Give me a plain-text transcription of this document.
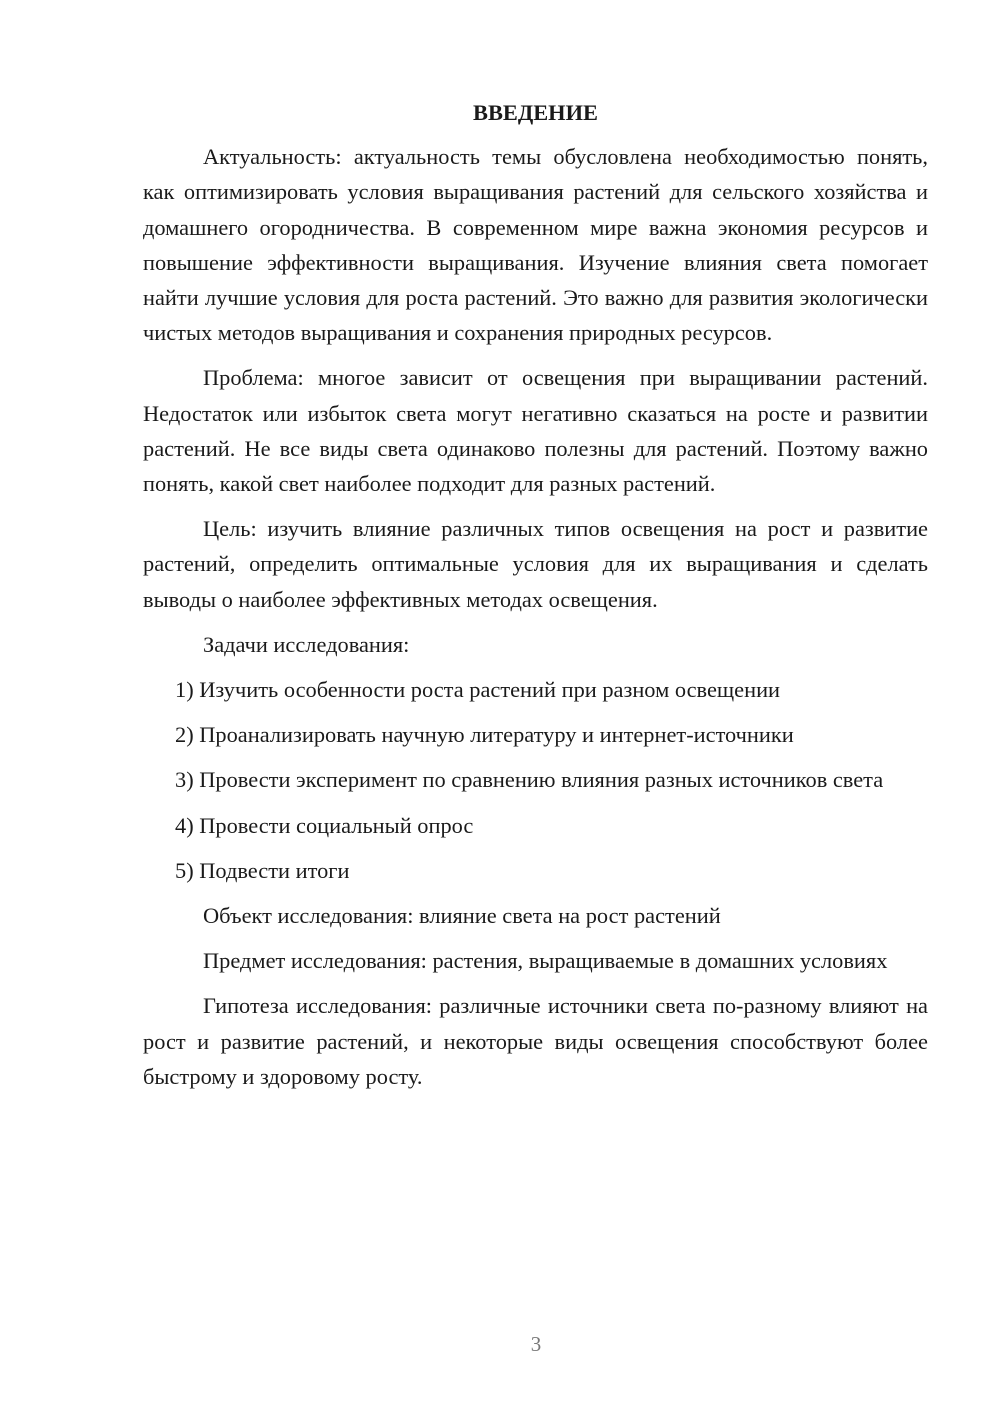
ВВЕДЕНИЕ

Актуальность: актуальность темы обусловлена необходимостью понять, как оптимизировать условия выращивания растений для сельского хозяйства и домашнего огородничества. В современном мире важна экономия ресурсов и повышение эффективности выращивания. Изучение влияния света помогает найти лучшие условия для роста растений. Это важно для развития экологически чистых методов выращивания и сохранения природных ресурсов.

Проблема: многое зависит от освещения при выращивании растений. Недостаток или избыток света могут негативно сказаться на росте и развитии растений. Не все виды света одинаково полезны для растений. Поэтому важно понять, какой свет наиболее подходит для разных растений.

Цель: изучить влияние различных типов освещения на рост и развитие растений, определить оптимальные условия для их выращивания и сделать выводы о наиболее эффективных методах освещения.

Задачи исследования:

1) Изучить особенности роста растений при разном освещении

2) Проанализировать научную литературу и интернет-источники

3) Провести эксперимент по сравнению влияния разных источников света

4) Провести социальный опрос

5) Подвести итоги

Объект исследования: влияние света на рост растений

Предмет исследования: растения, выращиваемые в домашних условиях

Гипотеза исследования: различные источники света по-разному влияют на рост и развитие растений, и некоторые виды освещения способствуют более быстрому и здоровому росту.

3
